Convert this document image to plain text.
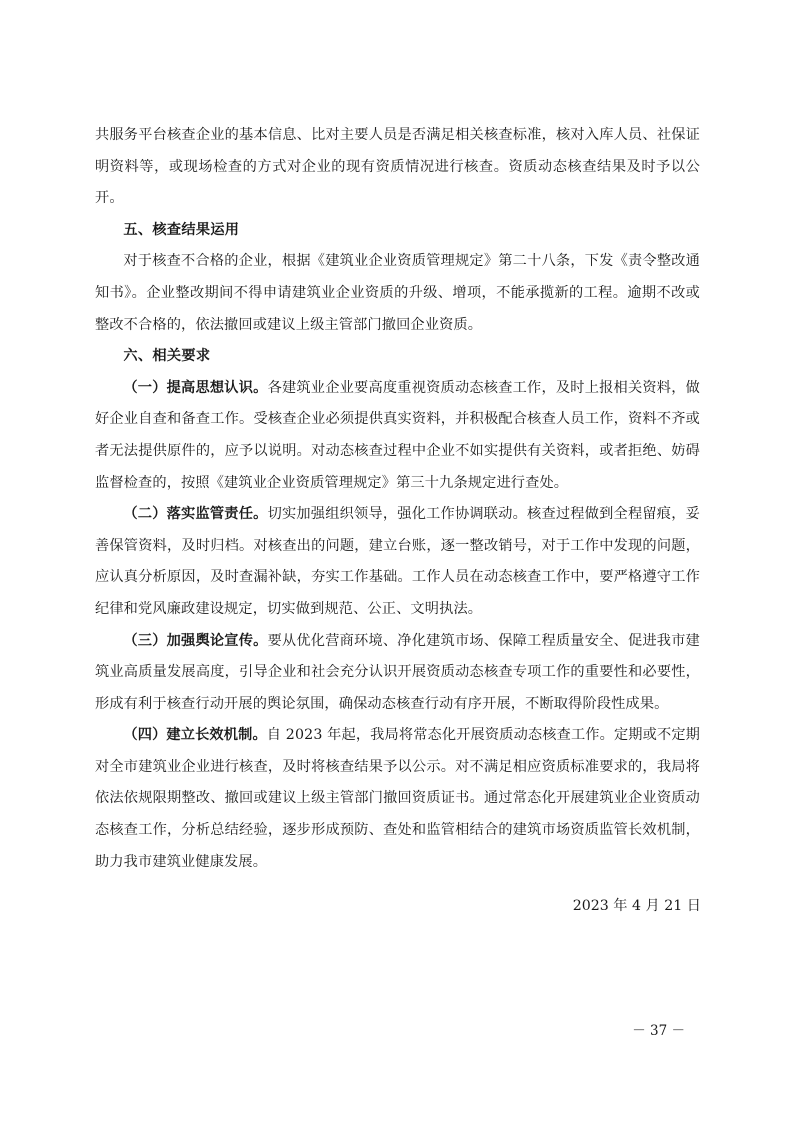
共服务平台核查企业的基本信息、比对主要人员是否满足相关核查标准，核对入库人员、社保证明资料等，或现场检查的方式对企业的现有资质情况进行核查。资质动态核查结果及时予以公开。

五、核查结果运用

对于核查不合格的企业，根据《建筑业企业资质管理规定》第二十八条，下发《责令整改通知书》。企业整改期间不得申请建筑业企业资质的升级、增项，不能承揽新的工程。逾期不改或整改不合格的，依法撤回或建议上级主管部门撤回企业资质。

六、相关要求

（一）提高思想认识。各建筑业企业要高度重视资质动态核查工作，及时上报相关资料，做好企业自查和备查工作。受核查企业必须提供真实资料，并积极配合核查人员工作，资料不齐或者无法提供原件的，应予以说明。对动态核查过程中企业不如实提供有关资料，或者拒绝、妨碍监督检查的，按照《建筑业企业资质管理规定》第三十九条规定进行查处。

（二）落实监管责任。切实加强组织领导，强化工作协调联动。核查过程做到全程留痕，妥善保管资料，及时归档。对核查出的问题，建立台账，逐一整改销号，对于工作中发现的问题，应认真分析原因，及时查漏补缺，夯实工作基础。工作人员在动态核查工作中，要严格遵守工作纪律和党风廉政建设规定，切实做到规范、公正、文明执法。

（三）加强舆论宣传。要从优化营商环境、净化建筑市场、保障工程质量安全、促进我市建筑业高质量发展高度，引导企业和社会充分认识开展资质动态核查专项工作的重要性和必要性，形成有利于核查行动开展的舆论氛围，确保动态核查行动有序开展，不断取得阶段性成果。

（四）建立长效机制。自 2023 年起，我局将常态化开展资质动态核查工作。定期或不定期对全市建筑业企业进行核查，及时将核查结果予以公示。对不满足相应资质标准要求的，我局将依法依规限期整改、撤回或建议上级主管部门撤回资质证书。通过常态化开展建筑业企业资质动态核查工作，分析总结经验，逐步形成预防、查处和监管相结合的建筑市场资质监管长效机制，助力我市建筑业健康发展。

2023 年 4 月 21 日

－ 37 －
